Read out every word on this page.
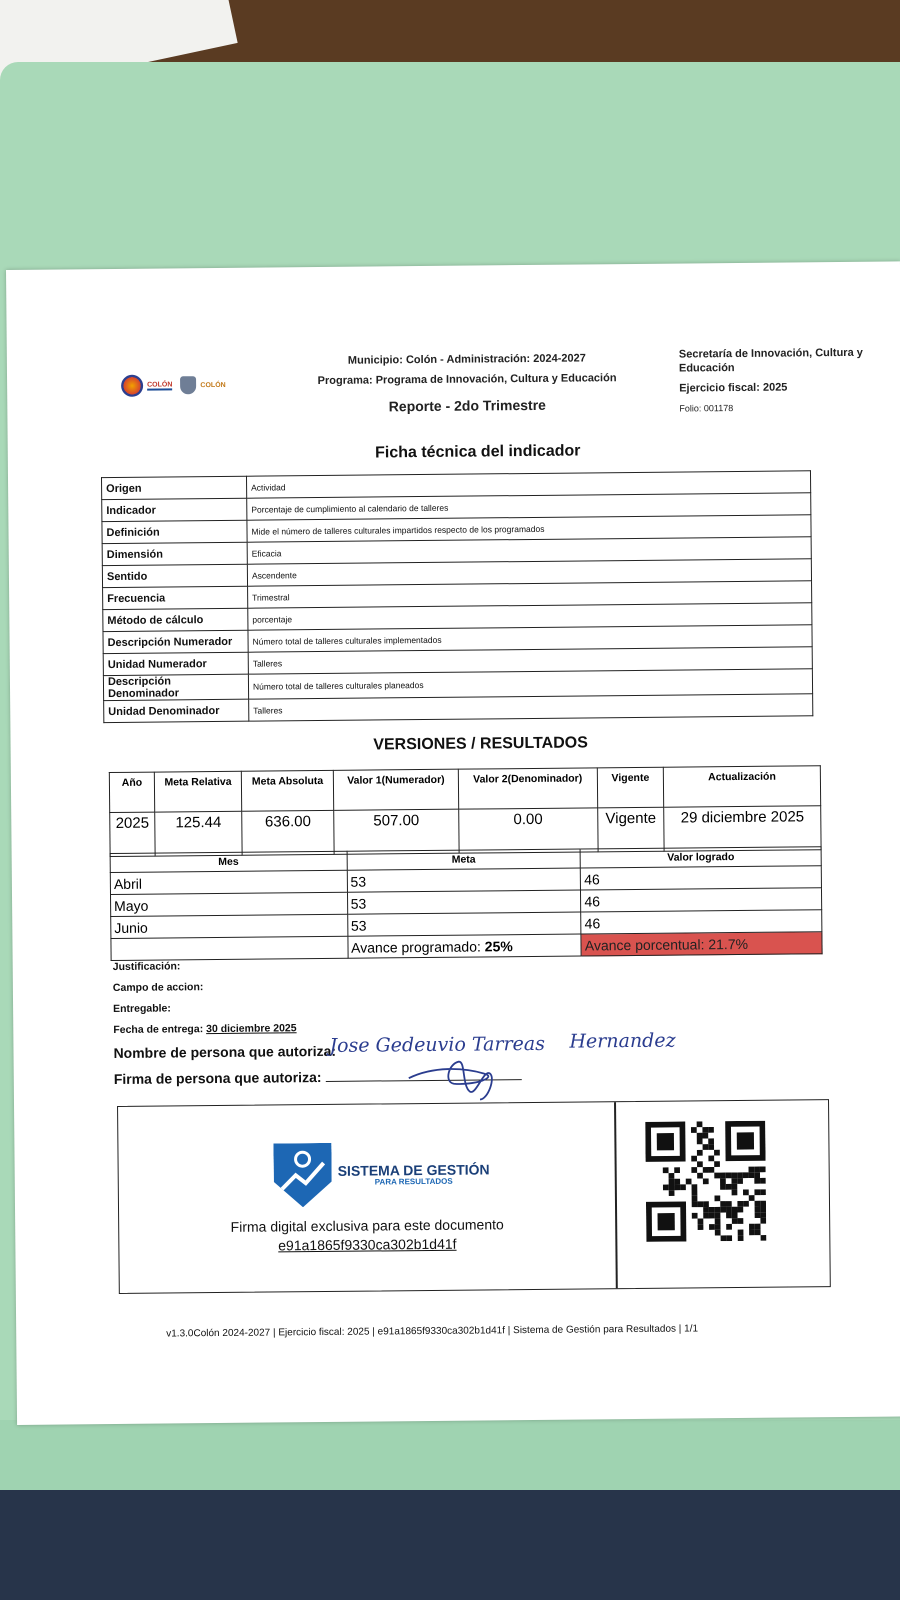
COLÓN	COLÓN
Municipio: Colón - Administración: 2024-2027
Programa: Programa de Innovación, Cultura y Educación
Reporte - 2do Trimestre
Secretaría de Innovación, Cultura y Educación
Ejercicio fiscal: 2025
Folio: 001178
Ficha técnica del indicador
Origen	Actividad
Indicador	Porcentaje de cumplimiento al calendario de talleres
Definición	Mide el número de talleres culturales impartidos respecto de los programados
Dimensión	Eficacia
Sentido	Ascendente
Frecuencia	Trimestral
Método de cálculo	porcentaje
Descripción Numerador	Número total de talleres culturales implementados
Unidad Numerador	Talleres
Descripción Denominador	Número total de talleres culturales planeados
Unidad Denominador	Talleres
VERSIONES / RESULTADOS
Año	Meta Relativa	Meta Absoluta	Valor 1(Numerador)	Valor 2(Denominador)	Vigente	Actualización
2025	125.44	636.00	507.00	0.00	Vigente	29 diciembre 2025
Mes	Meta	Valor logrado
Abril	53	46
Mayo	53	46
Junio	53	46
	Avance programado: 25%	Avance porcentual: 21.7%
Justificación:
Campo de accion:
Entregable:
Fecha de entrega: 30 diciembre 2025
Nombre de persona que autoriza:
Jose Gedeuvio Tarreas Hernandez
Firma de persona que autoriza:
SISTEMA DE GESTIÓN
PARA RESULTADOS
Firma digital exclusiva para este documento
e91a1865f9330ca302b1d41f
v1.3.0Colón 2024-2027 | Ejercicio fiscal: 2025 | e91a1865f9330ca302b1d41f | Sistema de Gestión para Resultados | 1/1
